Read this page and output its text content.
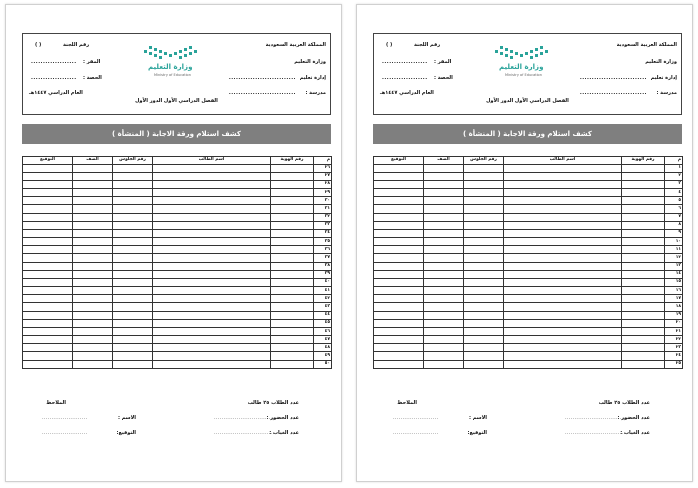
المملكة العربية السعودية
وزارة التعليم
إدارة تعليم
............................
مدرسة :
............................
وزارة التعليم
Ministry of Education
رقم اللجنة
( )
المقر :
...................
الحصة :
...................
العام الدراسي ١٤٤٧هـ
الفصل الدراسي الأول الدور الأول
كشف استلام ورقة الاجابة ( المنشأة )
م	رقم الهوية	اسم الطالب	رقم الجلوس	الصف	التوقيع
٢٦					
٢٧					
٢٨					
٢٩					
٣٠					
٣١					
٣٢					
٣٣					
٣٤					
٣٥					
٣٦					
٣٧					
٣٨					
٣٩					
٤٠					
٤١					
٤٢					
٤٣					
٤٤					
٤٥					
٤٦					
٤٧					
٤٨					
٤٩					
٥٠					
عدد الطلاب ٢٥ طالب
الملاحظ
عدد الحضور :
................................
الاسم :
........................
عدد الغياب :
................................
التوقيع:
........................
المملكة العربية السعودية
وزارة التعليم
إدارة تعليم
............................
مدرسة :
............................
وزارة التعليم
Ministry of Education
رقم اللجنة
( )
المقر :
...................
الحصة :
...................
العام الدراسي ١٤٤٧هـ
الفصل الدراسي الأول الدور الأول
كشف استلام ورقة الاجابة ( المنشأة )
م	رقم الهوية	اسم الطالب	رقم الجلوس	الصف	التوقيع
١					
٢					
٣					
٤					
٥					
٦					
٧					
٨					
٩					
١٠					
١١					
١٢					
١٣					
١٤					
١٥					
١٦					
١٧					
١٨					
١٩					
٢٠					
٢١					
٢٢					
٢٣					
٢٤					
٢٥					
عدد الطلاب ٢٥ طالب
الملاحظ
عدد الحضور :
................................
الاسم :
........................
عدد الغياب :
................................
التوقيع:
........................
